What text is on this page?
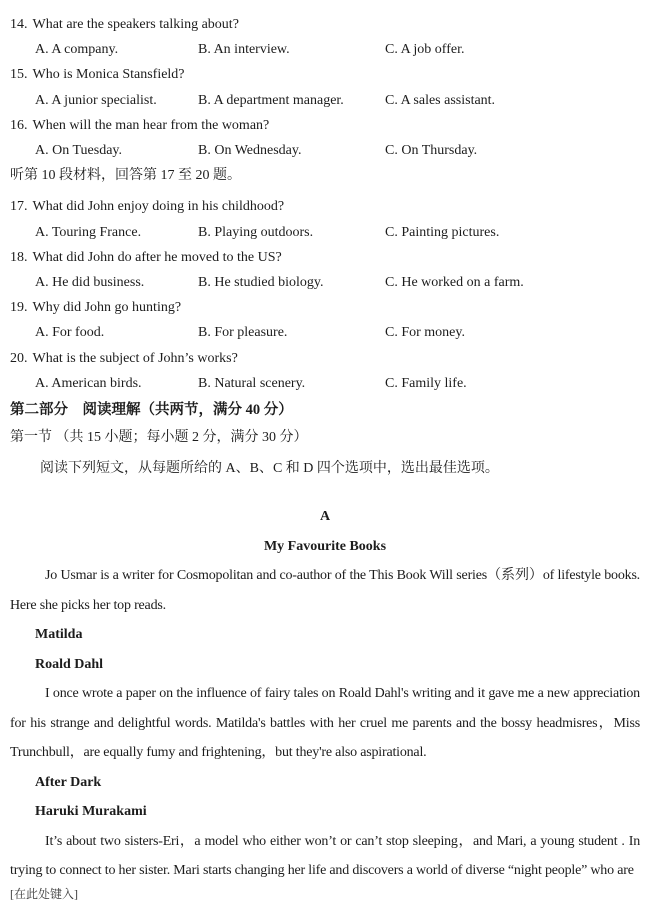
14. What are the speakers talking about?
A. A company.	B. An interview.	C. A job offer.
15. Who is Monica Stansfield?
A. A junior specialist.	B. A department manager.	C. A sales assistant.
16. When will the man hear from the woman?
A. On Tuesday.	B. On Wednesday.	C. On Thursday.
听第 10 段材料，回答第 17 至 20 题。
17. What did John enjoy doing in his childhood?
A. Touring France.	B. Playing outdoors.	C. Painting pictures.
18. What did John do after he moved to the US?
A. He did business.	B. He studied biology.	C. He worked on a farm.
19. Why did John go hunting?
A. For food.	B. For pleasure.	C. For money.
20. What is the subject of John’s works?
A. American birds.	B. Natural scenery.	C. Family life.
第二部分　阅读理解（共两节，满分 40 分）
第一节 （共 15 小题；每小题 2 分，满分 30 分）
阅读下列短文，从每题所给的 A、B、C 和 D 四个选项中，选出最佳选项。
A
My Favourite Books
Jo Usmar is a writer for Cosmopolitan and co-author of the This Book Will series（系列）of lifestyle books. Here she picks her top reads.
Matilda
Roald Dahl
I once wrote a paper on the influence of fairy tales on Roald Dahl's writing and it gave me a new appreciation for his strange and delightful words. Matilda's battles with her cruel me parents and the bossy headmisres，Miss Trunchbull，are equally fumy and frightening，but they're also aspirational.
After Dark
Haruki Murakami
It’s about two sisters-Eri，a model who either won’t or can’t stop sleeping，and Mari, a young student . In trying to connect to her sister. Mari starts changing her life and discovers a world of diverse “night people” who are
[在此处键入]
